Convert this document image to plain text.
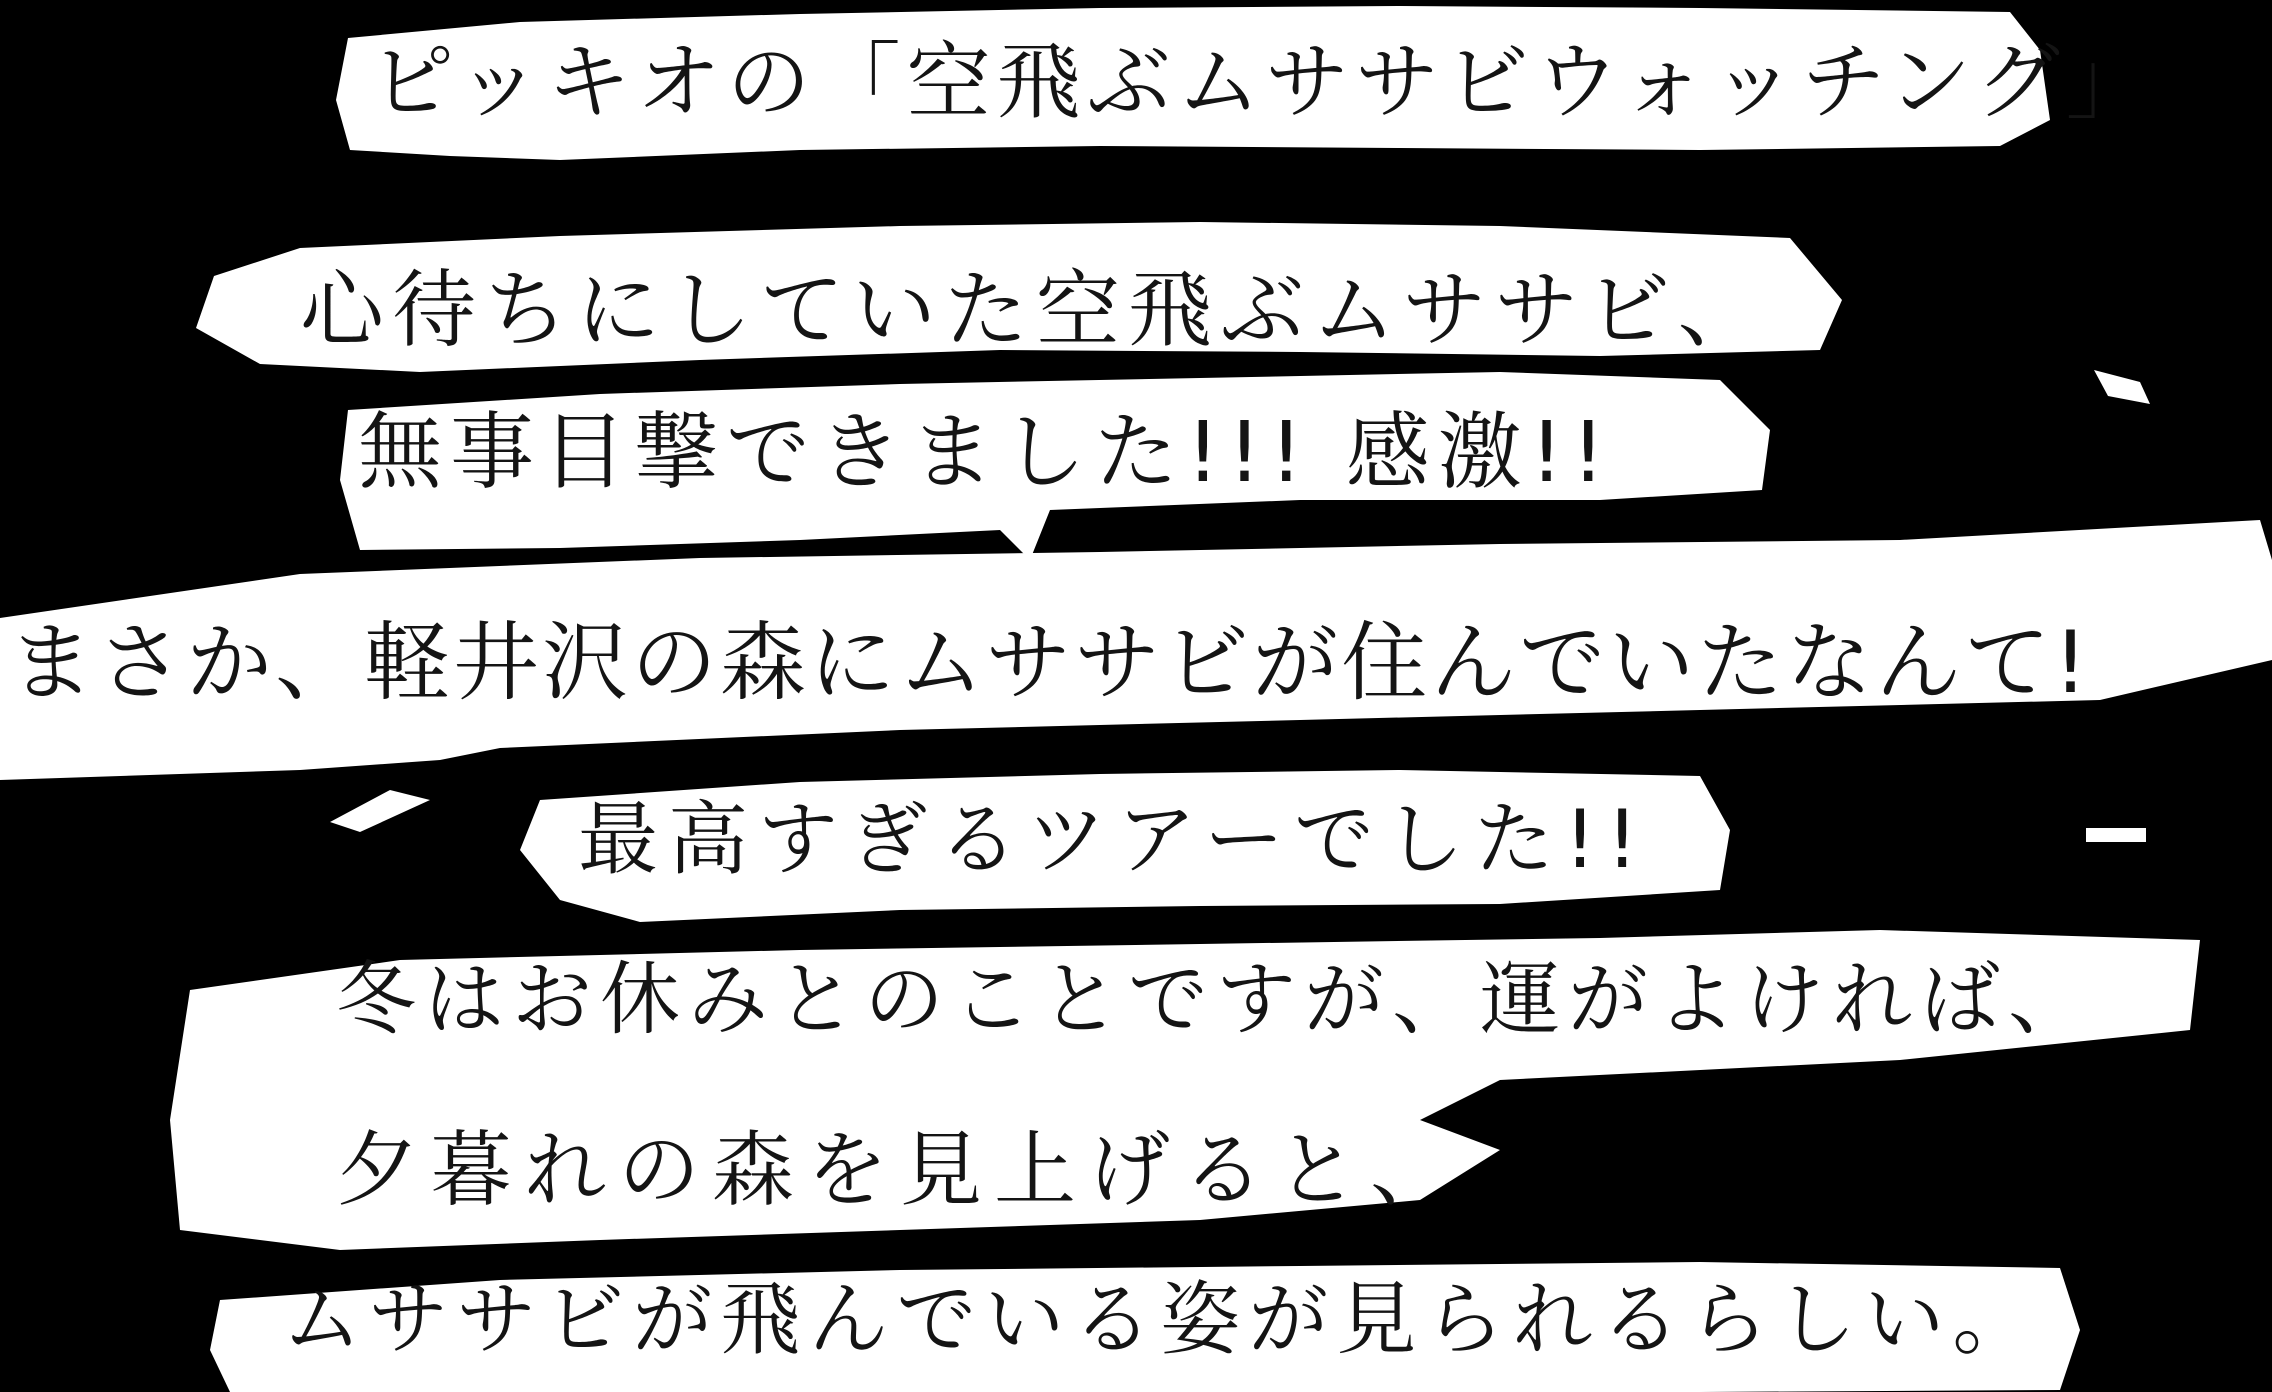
ピッキオの「空飛ぶムササビウォッチング」
心待ちにしていた空飛ぶムササビ、
無事目撃できました!!! 感激!!
まさか、軽井沢の森にムササビが住んでいたなんて!
最高すぎるツアーでした!!
冬はお休みとのことですが、運がよければ、
夕暮れの森を見上げると、
ムササビが飛んでいる姿が見られるらしい。
